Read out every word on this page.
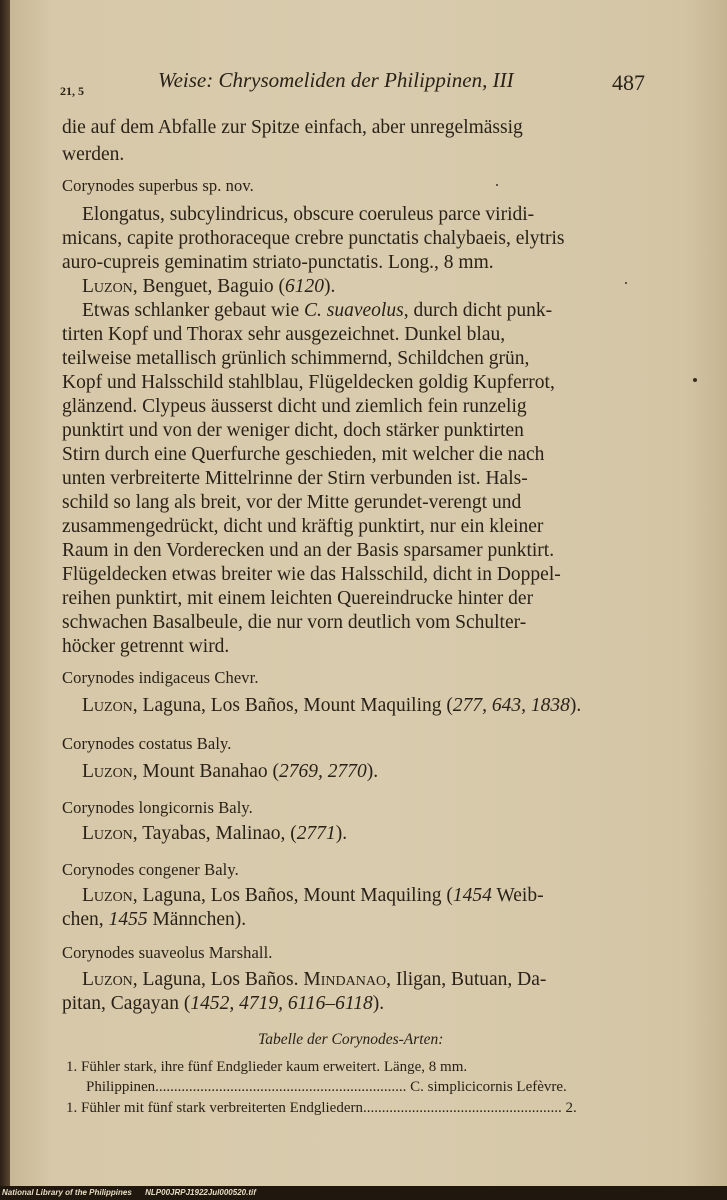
21, 5	Weise: Chrysomeliden der Philippinen, III	487
die auf dem Abfalle zur Spitze einfach, aber unregelmässig
werden.
Corynodes superbus sp. nov.
Elongatus, subcylindricus, obscure coeruleus parce viridi-
micans, capite prothoraceque crebre punctatis chalybaeis, elytris
auro-cupreis geminatim striato-punctatis. Long., 8 mm.
Luzon, Benguet, Baguio (6120).
Etwas schlanker gebaut wie C. suaveolus, durch dicht punk-
tirten Kopf und Thorax sehr ausgezeichnet. Dunkel blau,
teilweise metallisch grünlich schimmernd, Schildchen grün,
Kopf und Halsschild stahlblau, Flügeldecken goldig Kupferrot,
glänzend. Clypeus äusserst dicht und ziemlich fein runzelig
punktirt und von der weniger dicht, doch stärker punktirten
Stirn durch eine Querfurche geschieden, mit welcher die nach
unten verbreiterte Mittelrinne der Stirn verbunden ist. Hals-
schild so lang als breit, vor der Mitte gerundet-verengt und
zusammengedrückt, dicht und kräftig punktirt, nur ein kleiner
Raum in den Vorderecken und an der Basis sparsamer punktirt.
Flügeldecken etwas breiter wie das Halsschild, dicht in Doppel-
reihen punktirt, mit einem leichten Quereindrucke hinter der
schwachen Basalbeule, die nur vorn deutlich vom Schulter-
höcker getrennt wird.
Corynodes indigaceus Chevr.
Luzon, Laguna, Los Baños, Mount Maquiling (277, 643, 1838).
Corynodes costatus Baly.
Luzon, Mount Banahao (2769, 2770).
Corynodes longicornis Baly.
Luzon, Tayabas, Malinao, (2771).
Corynodes congener Baly.
Luzon, Laguna, Los Baños, Mount Maquiling (1454 Weib-
chen, 1455 Männchen).
Corynodes suaveolus Marshall.
Luzon, Laguna, Los Baños. Mindanao, Iligan, Butuan, Da-
pitan, Cagayan (1452, 4719, 6116–6118).
Tabelle der Corynodes-Arten:
1. Fühler stark, ihre fünf Endglieder kaum erweitert. Länge, 8 mm.
Philippinen................................................................... C. simplicicornis Lefèvre.
1. Fühler mit fünf stark verbreiterten Endgliedern..................................................... 2.
National Library of the Philippines NLP00JRPJ1922Jul000520.tif
